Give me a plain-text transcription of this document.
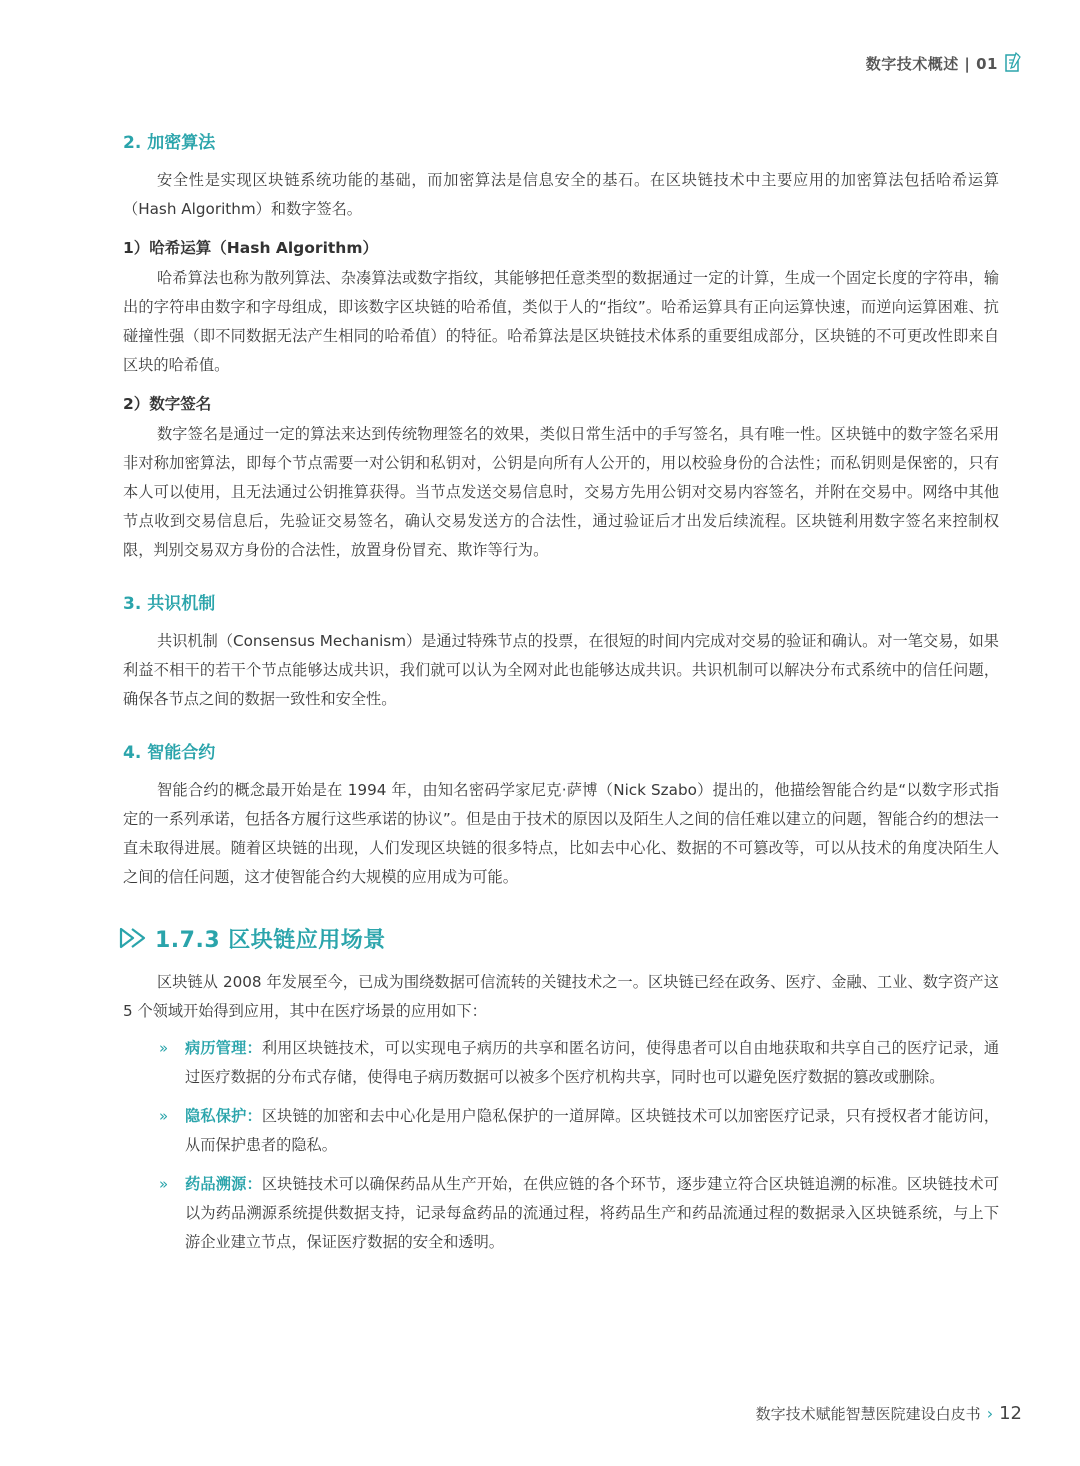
数字技术概述 | 01
2. 加密算法

安全性是实现区块链系统功能的基础，而加密算法是信息安全的基石。在区块链技术中主要应用的加密算法包括哈希运算（Hash Algorithm）和数字签名。

1）哈希运算（Hash Algorithm）

哈希算法也称为散列算法、杂凑算法或数字指纹，其能够把任意类型的数据通过一定的计算，生成一个固定长度的字符串，输出的字符串由数字和字母组成，即该数字区块链的哈希值，类似于人的“指纹”。哈希运算具有正向运算快速，而逆向运算困难、抗碰撞性强（即不同数据无法产生相同的哈希值）的特征。哈希算法是区块链技术体系的重要组成部分，区块链的不可更改性即来自区块的哈希值。

2）数字签名

数字签名是通过一定的算法来达到传统物理签名的效果，类似日常生活中的手写签名，具有唯一性。区块链中的数字签名采用非对称加密算法，即每个节点需要一对公钥和私钥对，公钥是向所有人公开的，用以校验身份的合法性；而私钥则是保密的，只有本人可以使用，且无法通过公钥推算获得。当节点发送交易信息时，交易方先用公钥对交易内容签名，并附在交易中。网络中其他节点收到交易信息后，先验证交易签名，确认交易发送方的合法性，通过验证后才出发后续流程。区块链利用数字签名来控制权限，判别交易双方身份的合法性，放置身份冒充、欺诈等行为。

3. 共识机制

共识机制（Consensus Mechanism）是通过特殊节点的投票，在很短的时间内完成对交易的验证和确认。对一笔交易，如果利益不相干的若干个节点能够达成共识，我们就可以认为全网对此也能够达成共识。共识机制可以解决分布式系统中的信任问题，确保各节点之间的数据一致性和安全性。

4. 智能合约

智能合约的概念最开始是在 1994 年，由知名密码学家尼克·萨博（Nick Szabo）提出的，他描绘智能合约是“以数字形式指定的一系列承诺，包括各方履行这些承诺的协议”。但是由于技术的原因以及陌生人之间的信任难以建立的问题，智能合约的想法一直未取得进展。随着区块链的出现，人们发现区块链的很多特点，比如去中心化、数据的不可篡改等，可以从技术的角度决陌生人之间的信任问题，这才使智能合约大规模的应用成为可能。

1.7.3 区块链应用场景

区块链从 2008 年发展至今，已成为围绕数据可信流转的关键技术之一。区块链已经在政务、医疗、金融、工业、数字资产这 5 个领域开始得到应用，其中在医疗场景的应用如下：

» 病历管理：利用区块链技术，可以实现电子病历的共享和匿名访问，使得患者可以自由地获取和共享自己的医疗记录，通过医疗数据的分布式存储，使得电子病历数据可以被多个医疗机构共享，同时也可以避免医疗数据的篡改或删除。
» 隐私保护：区块链的加密和去中心化是用户隐私保护的一道屏障。区块链技术可以加密医疗记录，只有授权者才能访问，从而保护患者的隐私。
» 药品溯源：区块链技术可以确保药品从生产开始，在供应链的各个环节，逐步建立符合区块链追溯的标准。区块链技术可以为药品溯源系统提供数据支持，记录每盒药品的流通过程，将药品生产和药品流通过程的数据录入区块链系统，与上下游企业建立节点，保证医疗数据的安全和透明。
数字技术赋能智慧医院建设白皮书 › 12
